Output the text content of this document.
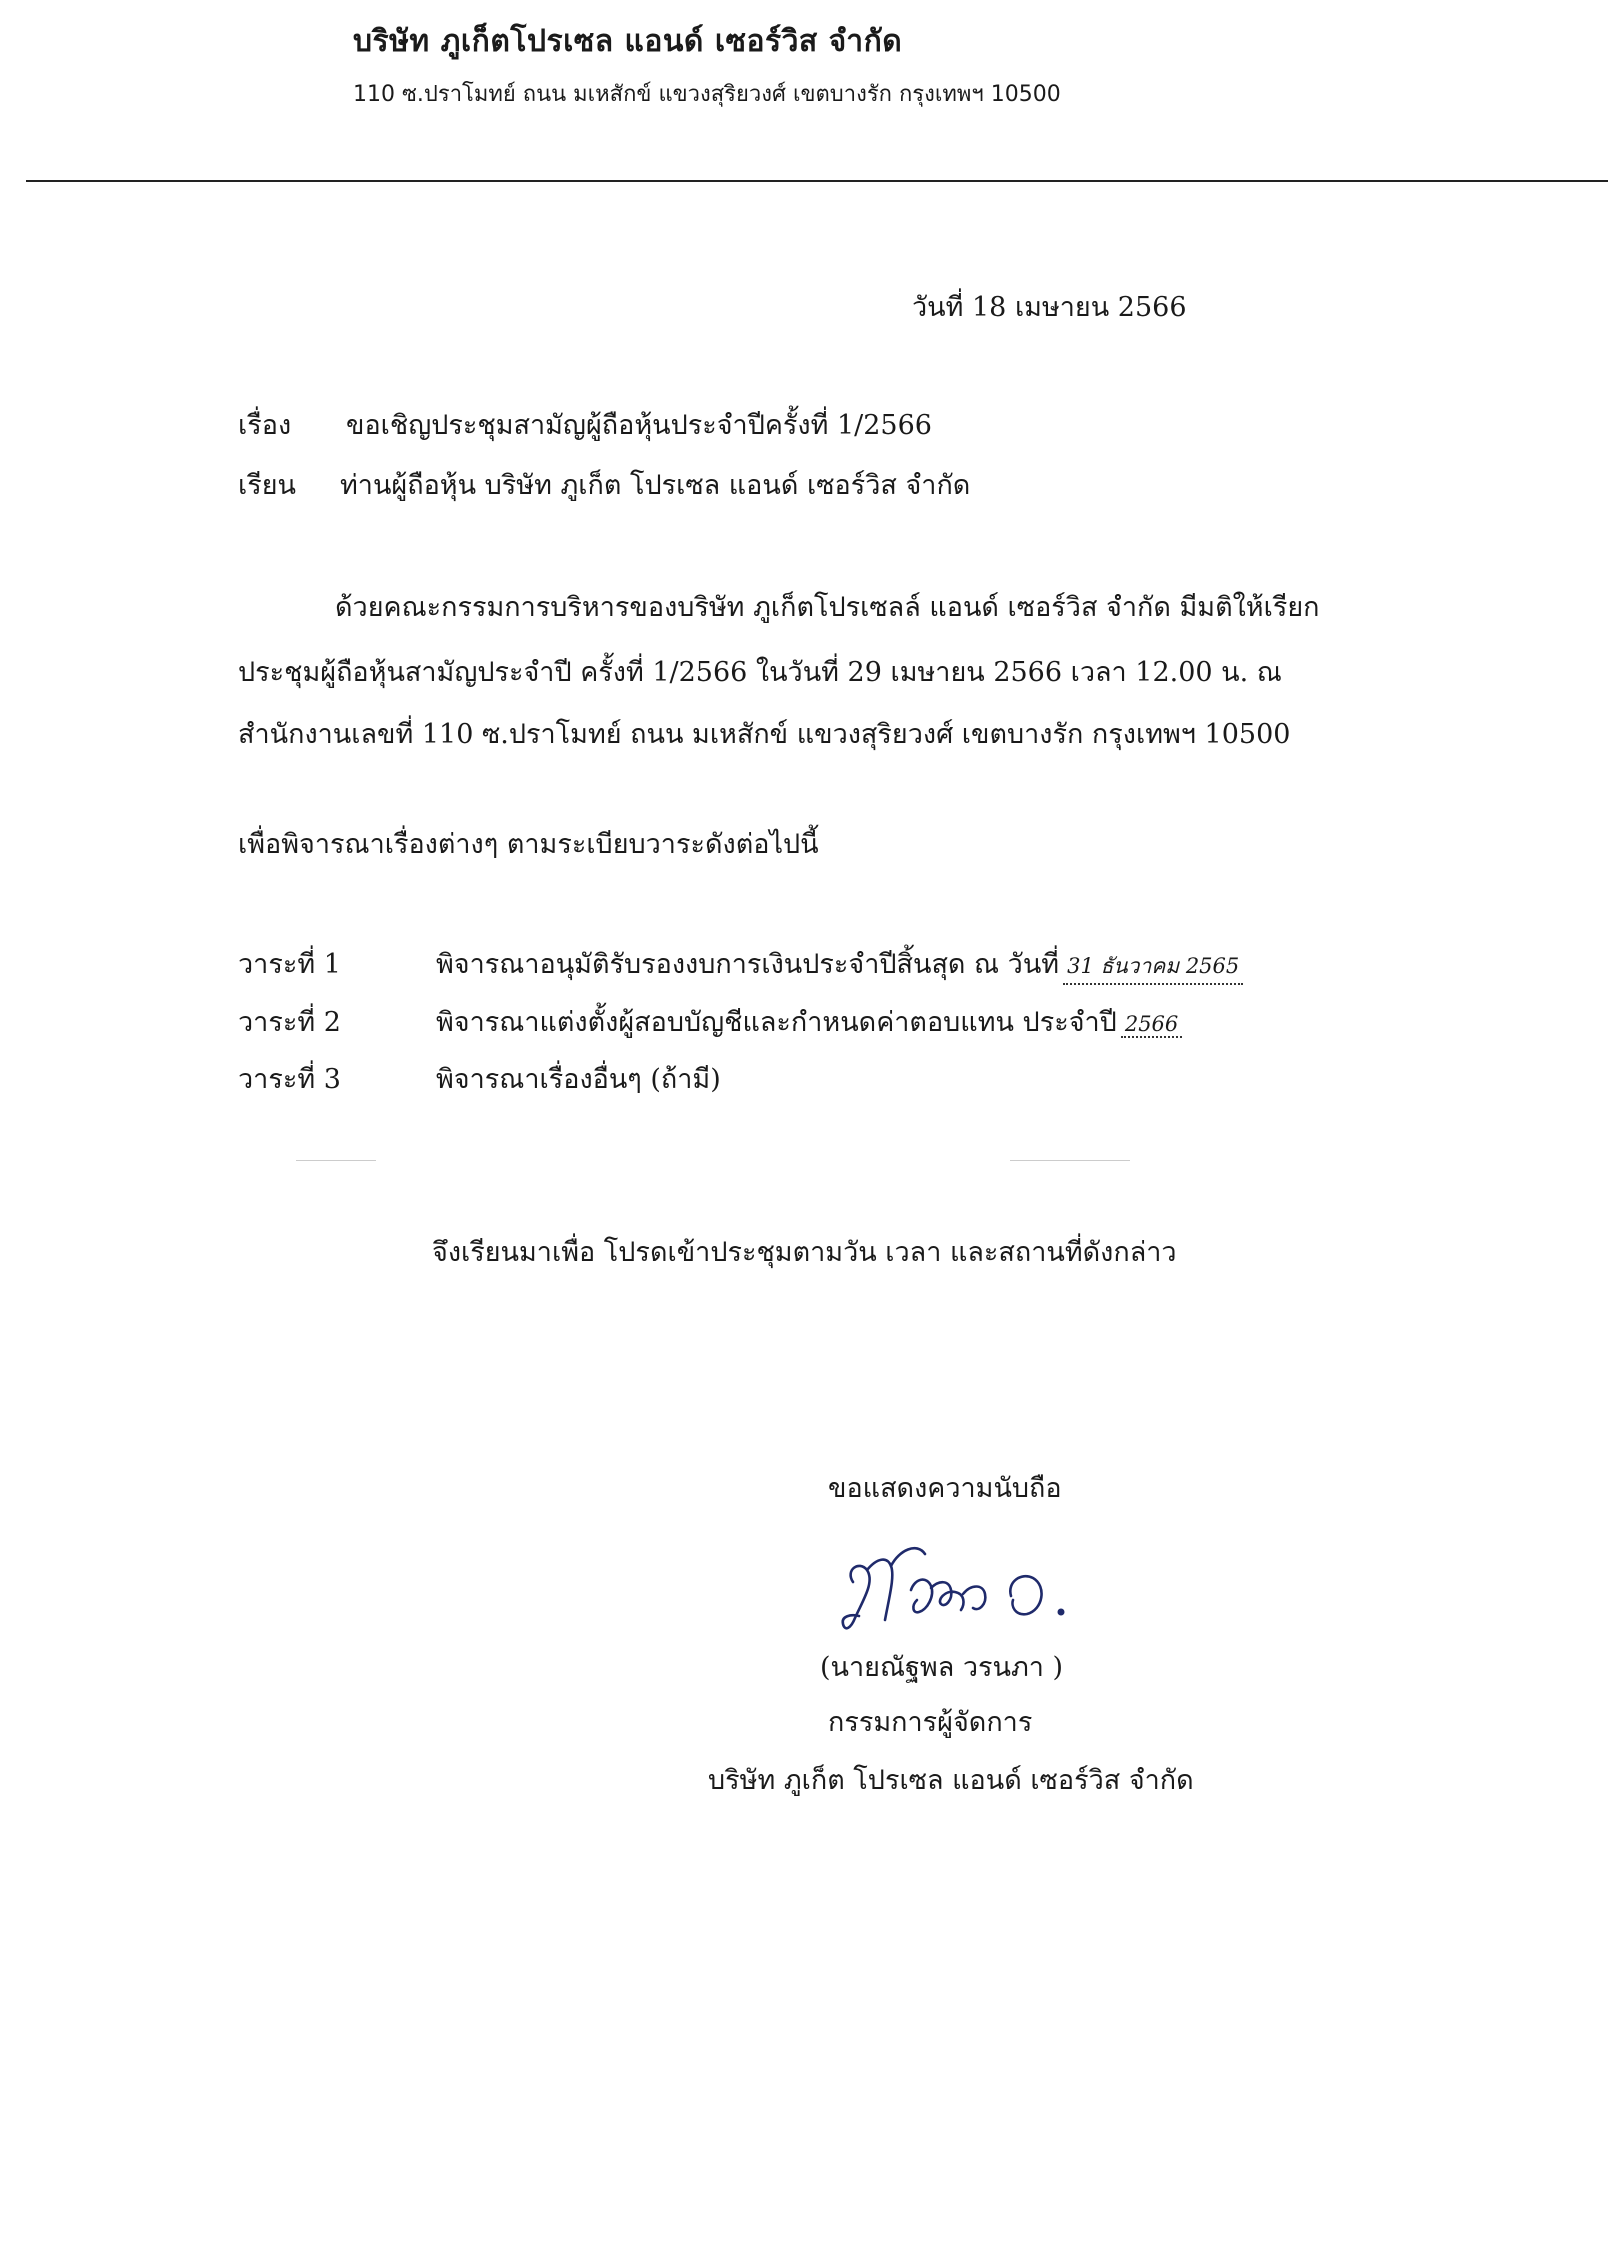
บริษัท ภูเก็ตโปรเซล แอนด์ เซอร์วิส จำกัด
110 ซ.ปราโมทย์ ถนน มเหสักข์ แขวงสุริยวงศ์ เขตบางรัก กรุงเทพฯ 10500
วันที่ 18 เมษายน 2566
เรื่อง ขอเชิญประชุมสามัญผู้ถือหุ้นประจำปีครั้งที่ 1/2566
เรียน ท่านผู้ถือหุ้น บริษัท ภูเก็ต โปรเซล แอนด์ เซอร์วิส จำกัด
ด้วยคณะกรรมการบริหารของบริษัท ภูเก็ตโปรเซลล์ แอนด์ เซอร์วิส จำกัด มีมติให้เรียก
ประชุมผู้ถือหุ้นสามัญประจำปี ครั้งที่ 1/2566 ในวันที่ 29 เมษายน 2566 เวลา 12.00 น. ณ
สำนักงานเลขที่ 110 ซ.ปราโมทย์ ถนน มเหสักข์ แขวงสุริยวงศ์ เขตบางรัก กรุงเทพฯ 10500
เพื่อพิจารณาเรื่องต่างๆ ตามระเบียบวาระดังต่อไปนี้
วาระที่ 1	พิจารณาอนุมัติรับรองงบการเงินประจำปีสิ้นสุด ณ วันที่ 31 ธันวาคม 2565
วาระที่ 2	พิจารณาแต่งตั้งผู้สอบบัญชีและกำหนดค่าตอบแทน ประจำปี 2566
วาระที่ 3	พิจารณาเรื่องอื่นๆ (ถ้ามี)
จึงเรียนมาเพื่อ โปรดเข้าประชุมตามวัน เวลา และสถานที่ดังกล่าว
ขอแสดงความนับถือ
(นายณัฐพล วรนภา )
กรรมการผู้จัดการ
บริษัท ภูเก็ต โปรเซล แอนด์ เซอร์วิส จำกัด
